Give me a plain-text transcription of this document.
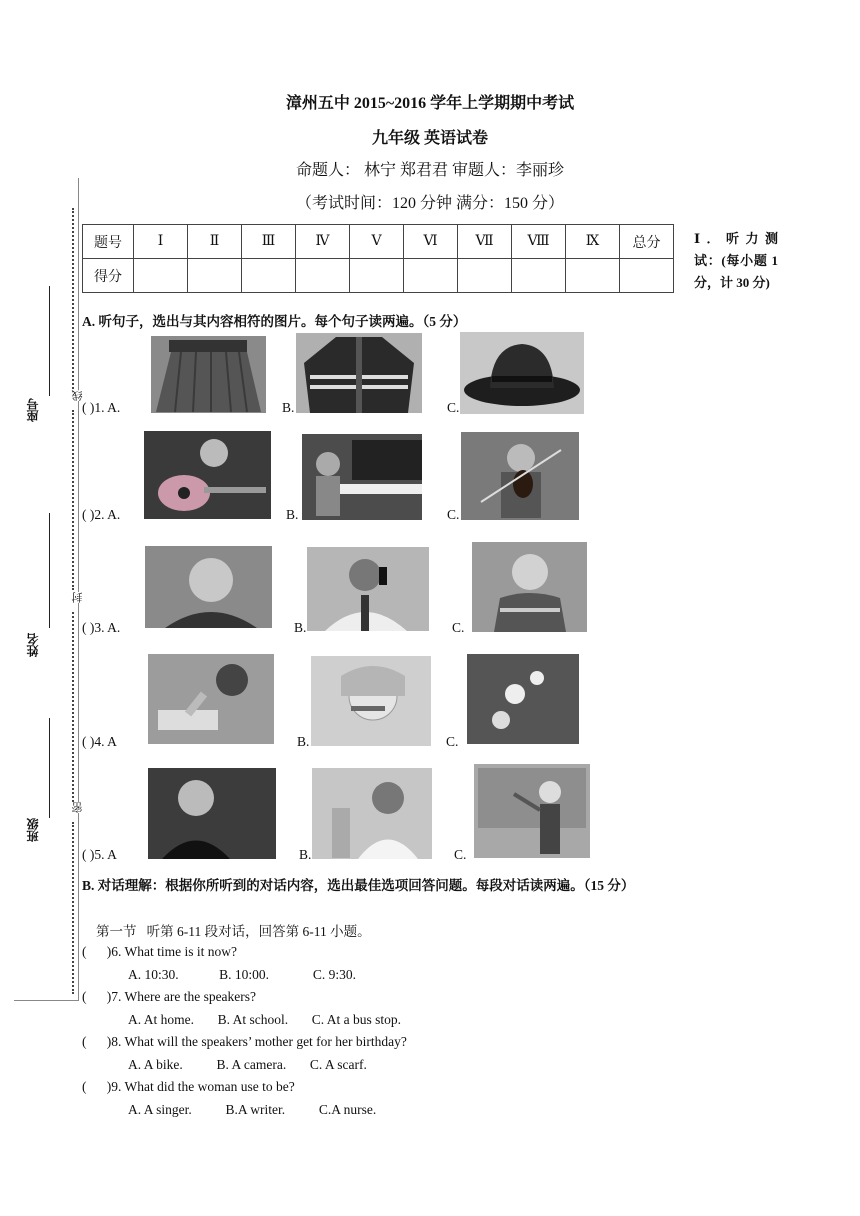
漳州五中 2015~2016 学年上学期期中考试
九年级 英语试卷
命题人： 林宁 郑君君 审题人：李丽珍
（考试时间：120 分钟 满分：150 分）
线
封
密
座号
姓名
班级
题号	Ⅰ	Ⅱ	Ⅲ	Ⅳ	Ⅴ	Ⅵ	Ⅶ	Ⅷ	Ⅸ	总分
得分										
Ⅰ．听力测试：(每小题 1 分，计 30 分)
A. 听句子，选出与其内容相符的图片。每个句子读两遍。（5 分）
( )1. A.	B.	C.
( )2. A.	B.	C.
( )3. A.	B.	C.
( )4. A	B.	C.
( )5. A	B.	C.
B. 对话理解：根据你所听到的对话内容，选出最佳选项回答问题。每段对话读两遍。（15 分）
第一节   听第 6-11 段对话，回答第 6-11 小题。
(      )6. What time is it now?
A. 10:30.            B. 10:00.             C. 9:30.
(      )7. Where are the speakers?
A. At home.       B. At school.       C. At a bus stop.
(      )8. What will the speakers’ mother get for her birthday?
A. A bike.          B. A camera.       C. A scarf.
(      )9. What did the woman use to be?
A. A singer.          B.A writer.          C.A nurse.
